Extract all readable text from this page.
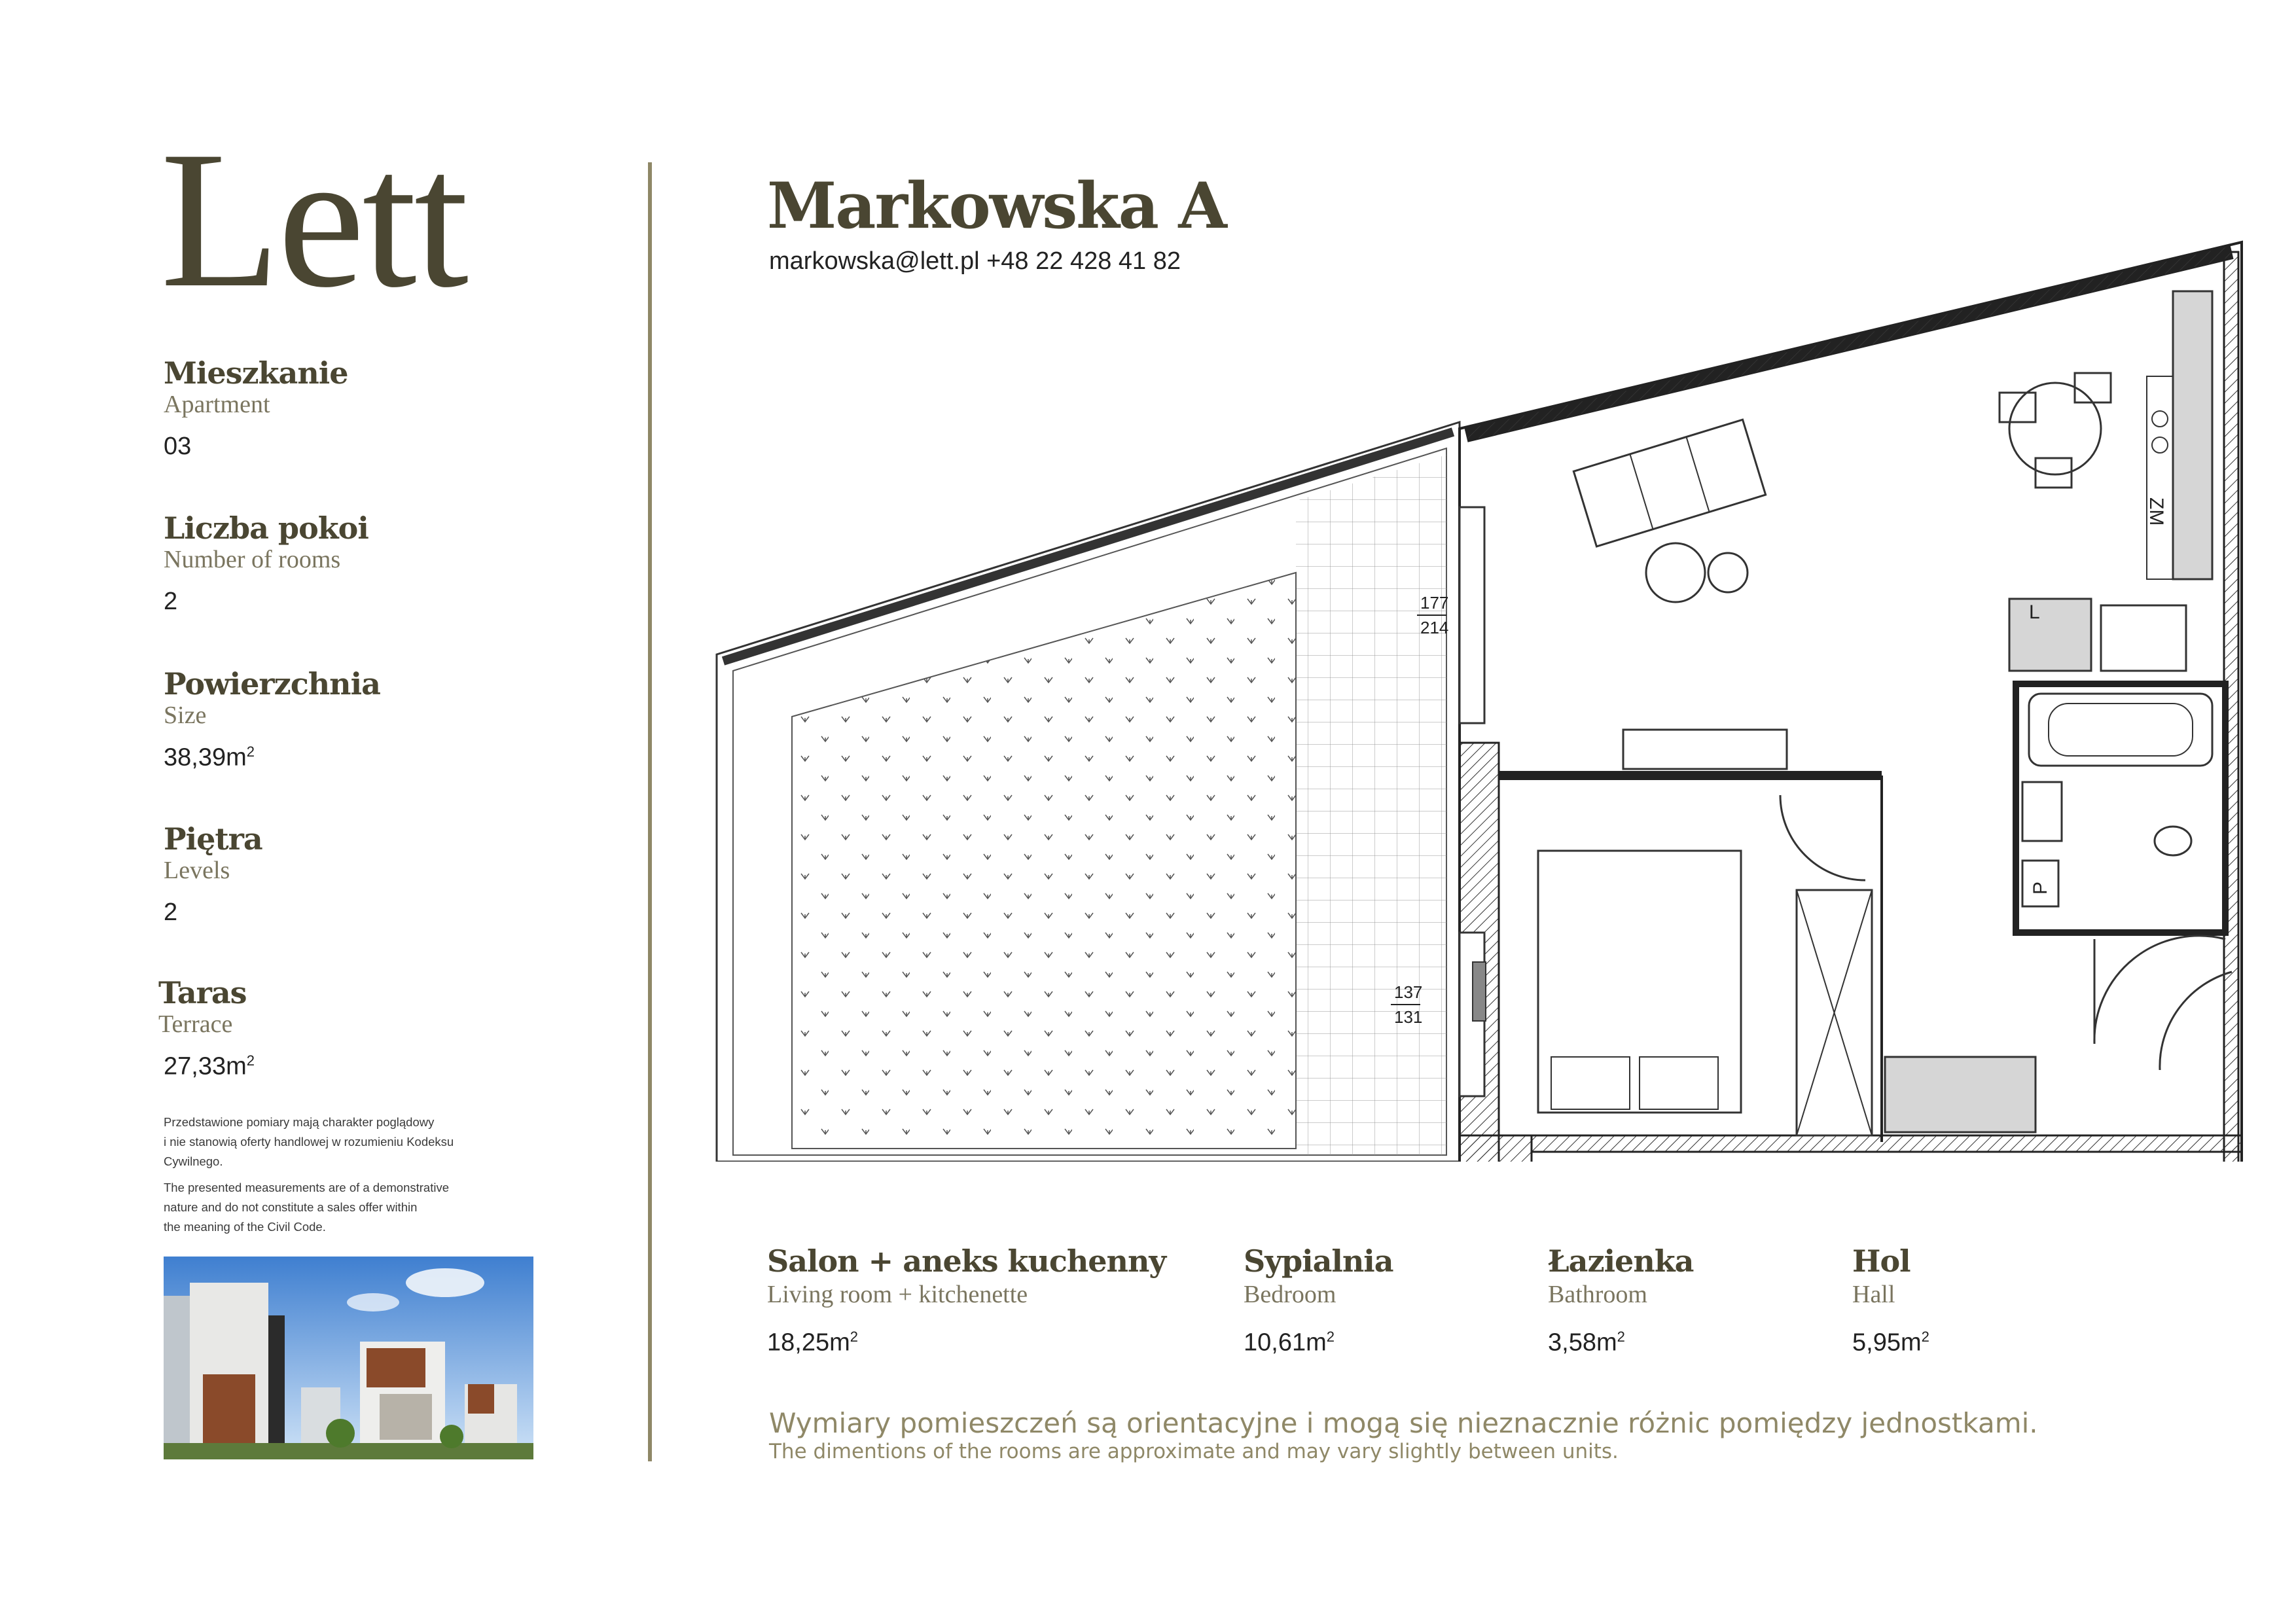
Lett
Mieszkanie
Apartment
03
Liczba pokoi
Number of rooms
2
Powierzchnia
Size
$38,39m^2$
Piętra
Levels
2
Taras
Terrace
$27,33m^2$
Przedstawione pomiary mają charakter poglądowy
i nie stanowią oferty handlowej w rozumieniu Kodeksu
Cywilnego.
The presented measurements are of a demonstrative
nature and do not constitute a sales offer within
the meaning of the Civil Code.
Markowska A
markowska@lett.pl +48 22 428 41 82
P
ZM
L
177
214
137
131
Salon + aneks kuchenny
Living room + kitchenette
$18,25m^2$
Sypialnia
Bedroom
$10,61m^2$
Łazienka
Bathroom
$3,58m^2$
Hol
Hall
$5,95m^2$
Wymiary pomieszczeń są orientacyjne i mogą się nieznacznie różnic pomiędzy jednostkami.
The dimentions of the rooms are approximate and may vary slightly between units.
